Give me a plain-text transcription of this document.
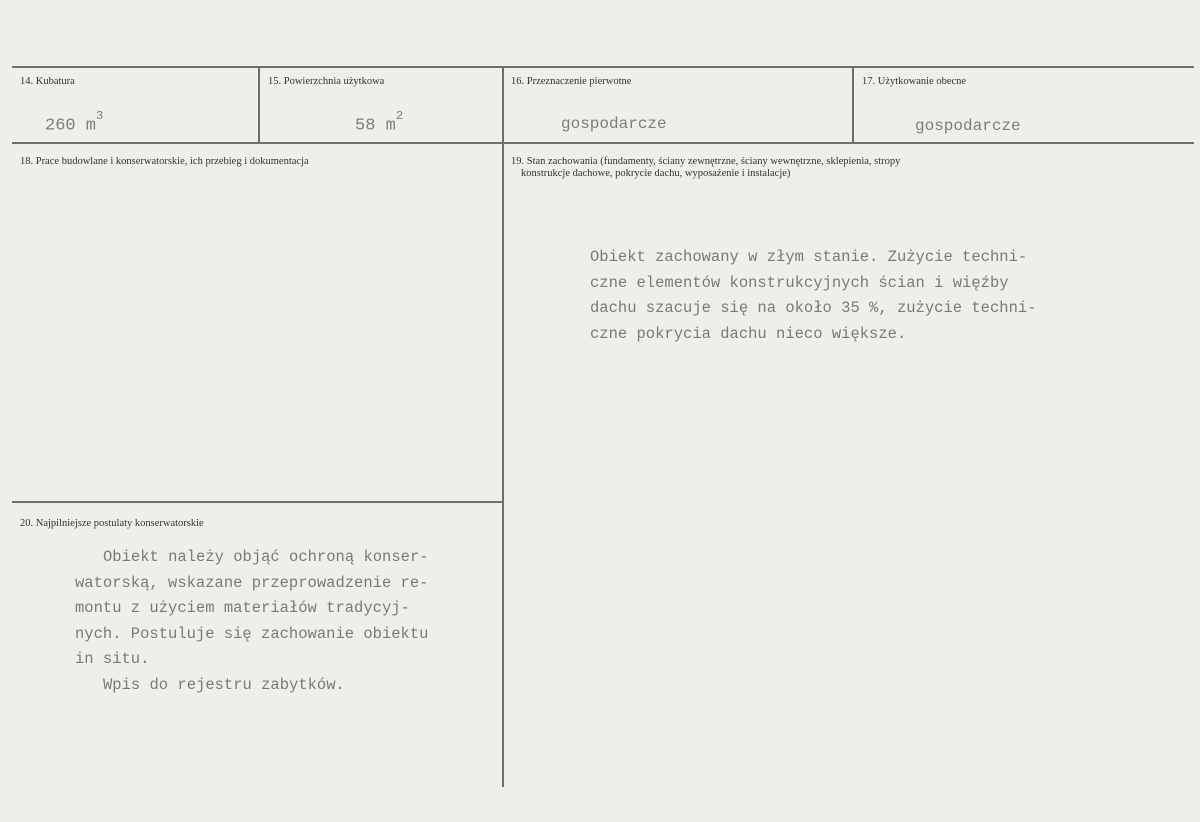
14. Kubatura
260 $m^3$
15. Powierzchnia użytkowa
58 $m^2$
16. Przeznaczenie pierwotne
gospodarcze
17. Użytkowanie obecne
gospodarcze
18. Prace budowlane i konserwatorskie, ich przebieg i dokumentacja	19. Stan zachowania (fundamenty, ściany zewnętrzne, ściany wewnętrzne, sklepienia, stropy
konstrukcje dachowe, pokrycie dachu, wyposażenie i instalacje)
Obiekt zachowany w złym stanie. Zużycie techni-
czne elementów konstrukcyjnych ścian i więźby
dachu szacuje się na około 35 %, zużycie techni-
czne pokrycia dachu nieco większe.
20. Najpilniejsze postulaty konserwatorskie
Obiekt należy objąć ochroną konser-
watorską, wskazane przeprowadzenie re-
montu z użyciem materiałów tradycyj-
nych. Postuluje się zachowanie obiektu
in situ.
Wpis do rejestru zabytków.
